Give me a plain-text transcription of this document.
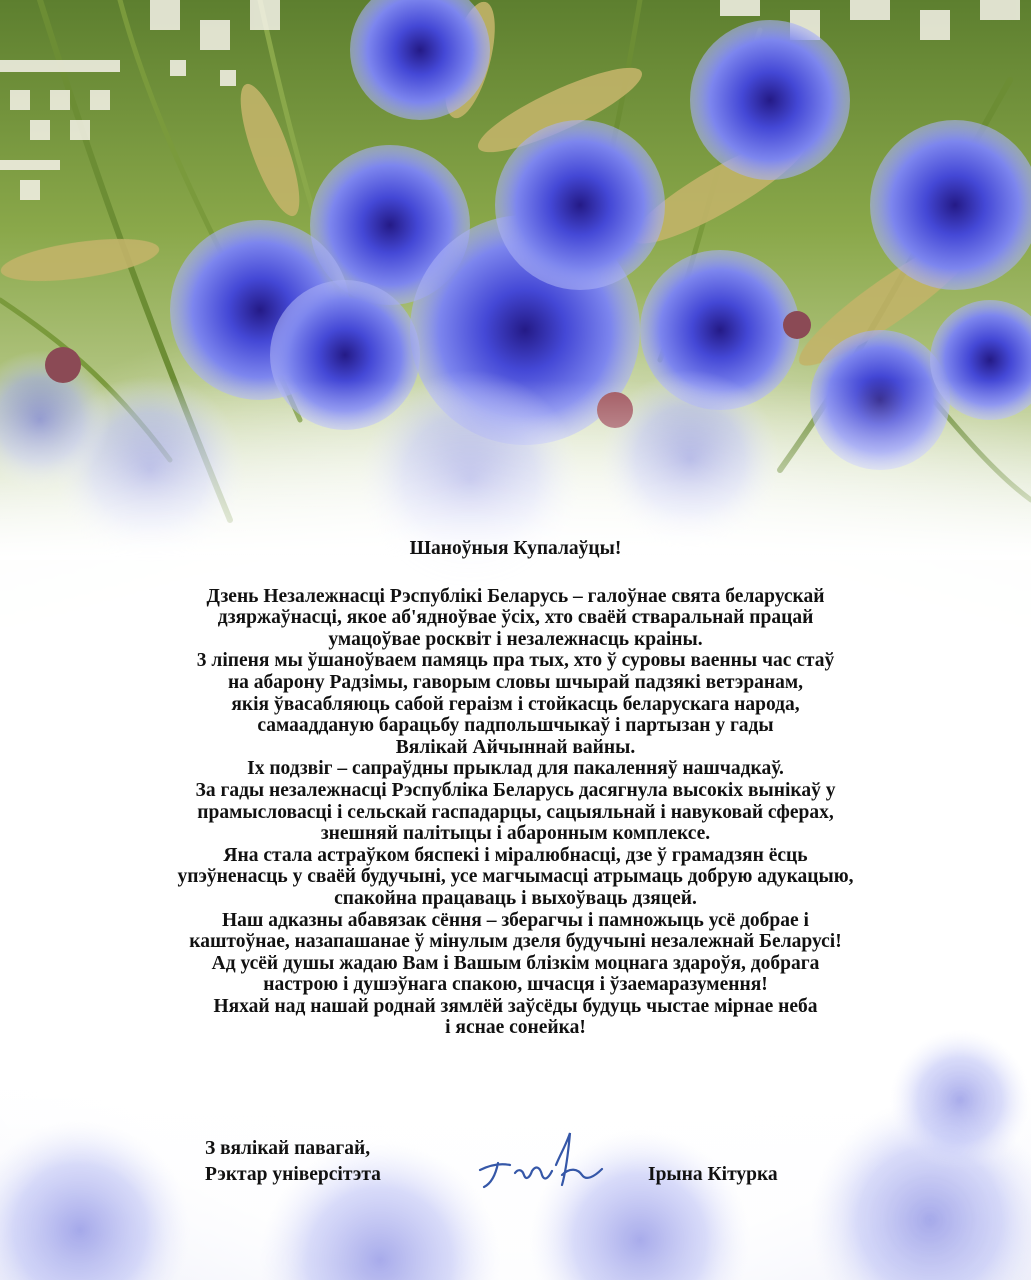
Шаноўныя Купалаўцы!

Дзень Незалежнасці Рэспублікі Беларусь – галоўнае свята беларускай

дзяржаўнасці, якое аб'ядноўвае ўсіх, хто сваёй стваральнай працай

умацоўвае росквіт і незалежнасць краіны.

3 ліпеня мы ўшаноўваем памяць пра тых, хто ў суровы ваенны час стаў

на абарону Радзімы, гаворым словы шчырай падзякі ветэранам,

якія ўвасабляюць сабой гераізм і стойкасць беларускага народа,

самаадданую барацьбу падпольшчыкаў і партызан у гады

Вялікай Айчыннай вайны.

Іх подзвіг – сапраўдны прыклад для пакаленняў нашчадкаў.

За гады незалежнасці Рэспубліка Беларусь дасягнула высокіх вынікаў у

прамысловасці і сельскай гаспадарцы, сацыяльнай і навуковай сферах,

знешняй палітыцы і абаронным комплексе.

Яна стала астраўком бяспекі і міралюбнасці, дзе ў грамадзян ёсць

упэўненасць у сваёй будучыні, усе магчымасці атрымаць добрую адукацыю,

спакойна працаваць і выхоўваць дзяцей.

Наш адказны абавязак сёння – зберагчы і памножыць усё добрае і

каштоўнае, назапашанае ў мінулым дзеля будучыні незалежнай Беларусі!

Ад усёй душы жадаю Вам і Вашым блізкім моцнага здароўя, добрага

настрою і душэўнага спакою, шчасця і ўзаемаразумення!

Няхай над нашай роднай зямлёй заўсёды будуць чыстае мірнае неба

і яснае сонейка!

З вялікай павагай,
Рэктар універсітэта	Ірына Кітурка
